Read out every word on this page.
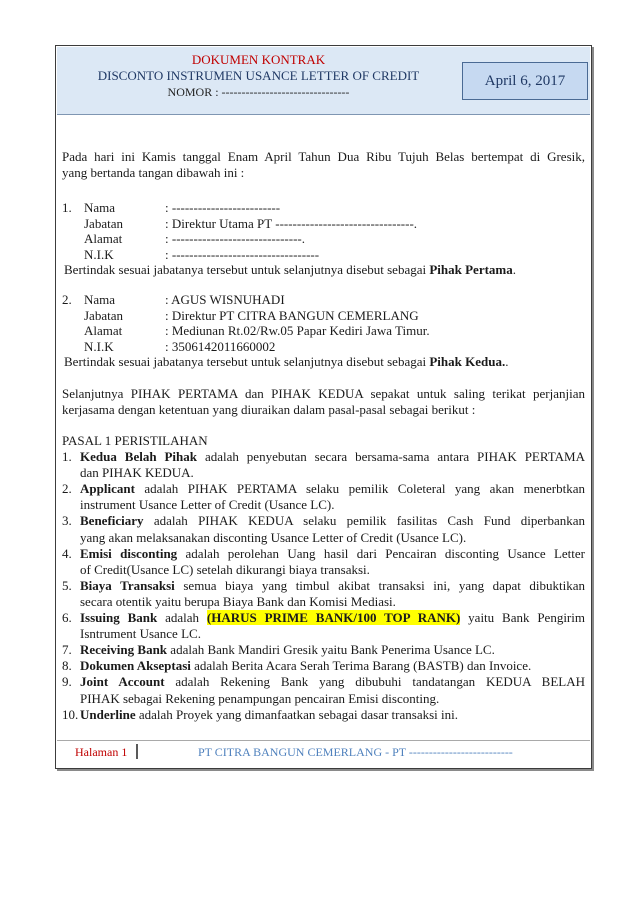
DOKUMEN KONTRAK
DISCONTO INSTRUMEN USANCE LETTER OF CREDIT
NOMOR : --------------------------------
April 6, 2017
Pada hari ini Kamis tanggal Enam April Tahun Dua Ribu Tujuh Belas bertempat di Gresik,
yang bertanda tangan dibawah ini :
1. Nama	: -------------------------
Jabatan	: Direktur Utama PT --------------------------------.
Alamat	: ------------------------------.
N.I.K	: ----------------------------------
Bertindak sesuai jabatanya tersebut untuk selanjutnya disebut sebagai Pihak Pertama.
2. Nama	: AGUS WISNUHADI
Jabatan	: Direktur PT CITRA BANGUN CEMERLANG
Alamat	: Mediunan Rt.02/Rw.05 Papar Kediri Jawa Timur.
N.I.K	: 3506142011660002
Bertindak sesuai jabatanya tersebut untuk selanjutnya disebut sebagai Pihak Kedua..
Selanjutnya PIHAK PERTAMA dan PIHAK KEDUA sepakat untuk saling terikat perjanjian
kerjasama dengan ketentuan yang diuraikan dalam pasal-pasal sebagai berikut :
PASAL 1 PERISTILAHAN
1. Kedua Belah Pihak adalah penyebutan secara bersama-sama antara PIHAK PERTAMA
dan PIHAK KEDUA.
2. Applicant adalah PIHAK PERTAMA selaku pemilik Coleteral yang akan menerbtkan
instrument Usance Letter of Credit (Usance LC).
3. Beneficiary adalah PIHAK KEDUA selaku pemilik fasilitas Cash Fund diperbankan
yang akan melaksanakan disconting Usance Letter of Credit (Usance LC).
4. Emisi disconting adalah perolehan Uang hasil dari Pencairan disconting Usance Letter
of Credit(Usance LC) setelah dikurangi biaya transaksi.
5. Biaya Transaksi semua biaya yang timbul akibat transaksi ini, yang dapat dibuktikan
secara otentik yaitu berupa Biaya Bank dan Komisi Mediasi.
6. Issuing Bank adalah (HARUS PRIME BANK/100 TOP RANK) yaitu Bank Pengirim
Isntrument Usance LC.
7. Receiving Bank adalah Bank Mandiri Gresik yaitu Bank Penerima Usance LC.
8. Dokumen Akseptasi adalah Berita Acara Serah Terima Barang (BASTB) dan Invoice.
9. Joint Account adalah Rekening Bank yang dibubuhi tandatangan KEDUA BELAH
PIHAK sebagai Rekening penampungan pencairan Emisi disconting.
10. Underline adalah Proyek yang dimanfaatkan sebagai dasar transaksi ini.
Halaman 1	PT CITRA BANGUN CEMERLANG - PT --------------------------
